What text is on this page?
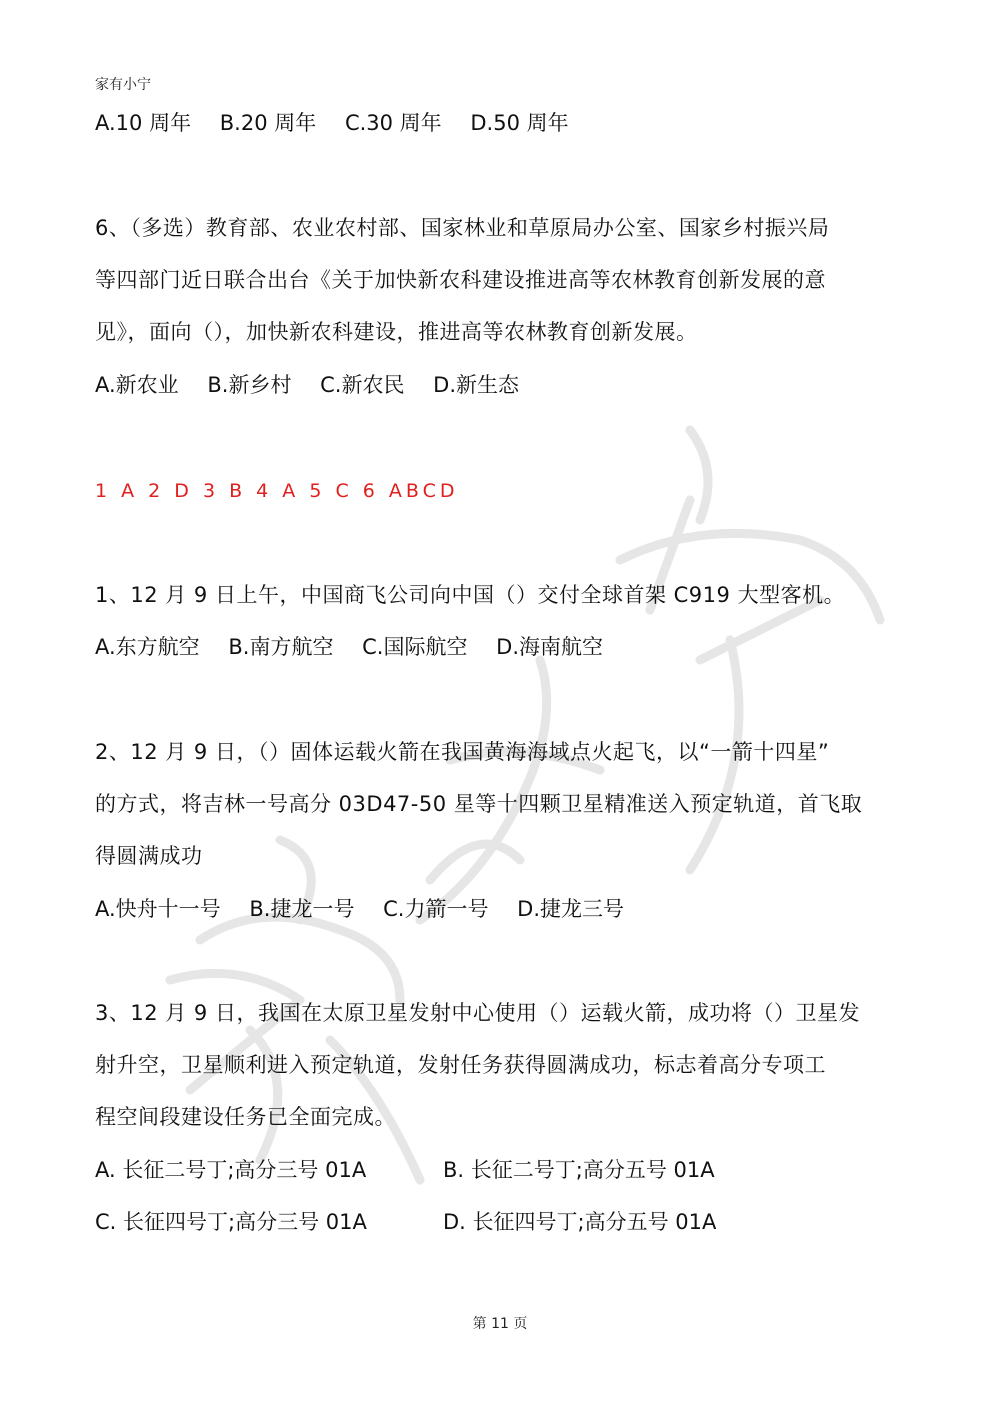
家有小宁
A.10 周年 B.20 周年 C.30 周年 D.50 周年
6、（多选）教育部、农业农村部、国家林业和草原局办公室、国家乡村振兴局
等四部门近日联合出台《关于加快新农科建设推进高等农林教育创新发展的意
见》，面向（），加快新农科建设，推进高等农林教育创新发展。
A.新农业 B.新乡村 C.新农民 D.新生态
1 A 2 D 3 B 4 A 5 C 6 ABCD
1、12 月 9 日上午，中国商飞公司向中国（）交付全球首架 C919 大型客机。
A.东方航空 B.南方航空 C.国际航空 D.海南航空
2、12 月 9 日，（）固体运载火箭在我国黄海海域点火起飞，以“一箭十四星”
的方式，将吉林一号高分 03D47-50 星等十四颗卫星精准送入预定轨道，首飞取
得圆满成功
A.快舟十一号 B.捷龙一号 C.力箭一号 D.捷龙三号
3、12 月 9 日，我国在太原卫星发射中心使用（）运载火箭，成功将（）卫星发
射升空，卫星顺利进入预定轨道，发射任务获得圆满成功，标志着高分专项工
程空间段建设任务已全面完成。
A. 长征二号丁;高分三号 01A	B. 长征二号丁;高分五号 01A
C. 长征四号丁;高分三号 01A	D. 长征四号丁;高分五号 01A
第 11 页
